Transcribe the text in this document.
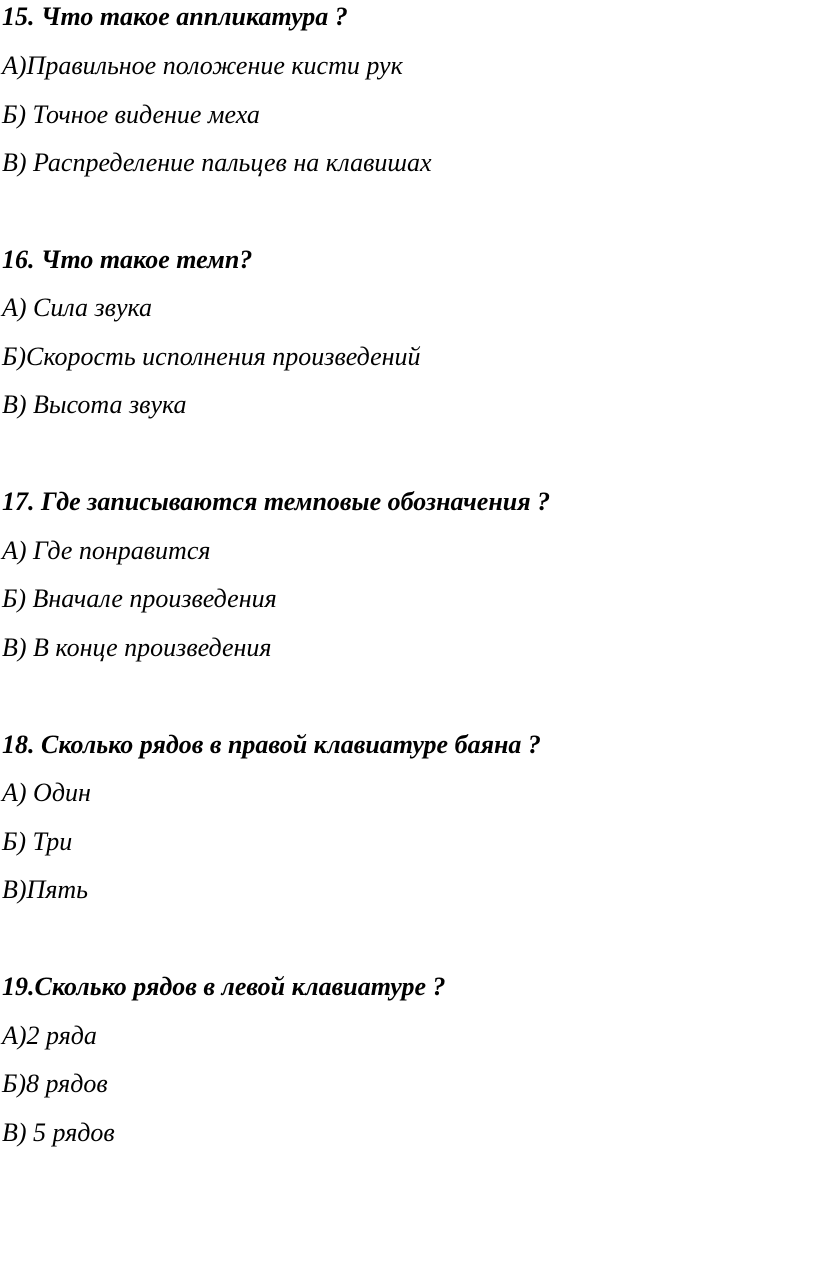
15. Что такое аппликатура ?

А)Правильное положение кисти рук

Б) Точное видение меха

В) Распределение пальцев на клавишах

16. Что такое темп?

А) Сила звука

Б)Скорость исполнения произведений

В) Высота звука

17. Где записываются темповые обозначения ?

А) Где понравится

Б) Вначале произведения

В) В конце произведения

18. Сколько рядов в правой клавиатуре баяна ?

А) Один

Б) Три

В)Пять

19.Сколько рядов в левой клавиатуре ?

А)2 ряда

Б)8 рядов

В) 5 рядов
